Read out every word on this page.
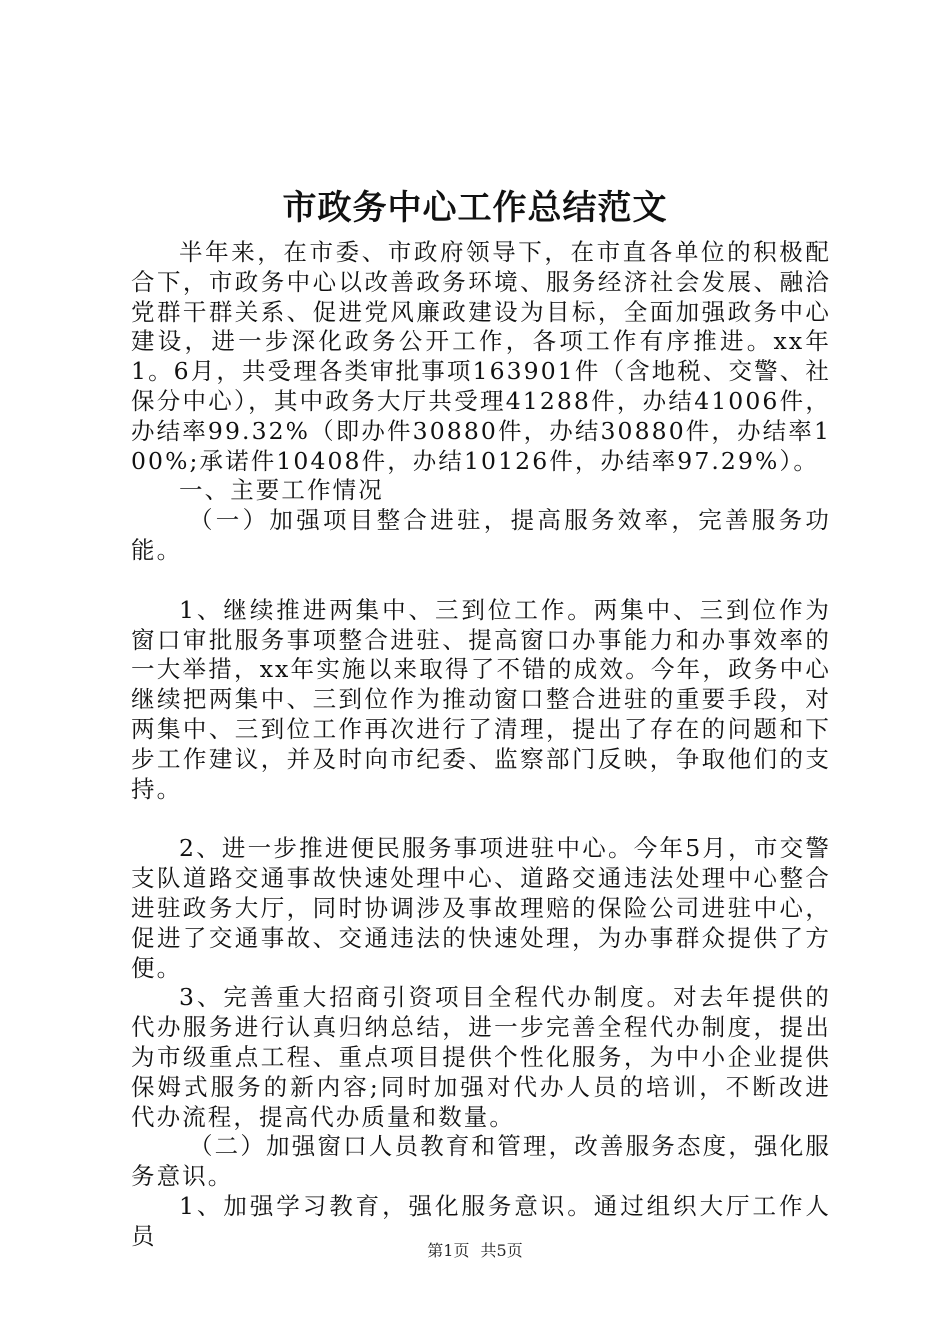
市政务中心工作总结范文

半年来，在市委、市政府领导下，在市直各单位的积极配合下，市政务中心以改善政务环境、服务经济社会发展、融洽党群干群关系、促进党风廉政建设为目标，全面加强政务中心建设，进一步深化政务公开工作，各项工作有序推进。xx年1。6月，共受理各类审批事项163901件（含地税、交警、社保分中心），其中政务大厅共受理41288件，办结41006件，办结率99.32%（即办件30880件，办结30880件，办结率100%;承诺件10408件，办结10126件，办结率97.29%）。

一、主要工作情况

（一）加强项目整合进驻，提高服务效率，完善服务功能。

1、继续推进两集中、三到位工作。两集中、三到位作为窗口审批服务事项整合进驻、提高窗口办事能力和办事效率的一大举措，xx年实施以来取得了不错的成效。今年，政务中心继续把两集中、三到位作为推动窗口整合进驻的重要手段，对两集中、三到位工作再次进行了清理，提出了存在的问题和下步工作建议，并及时向市纪委、监察部门反映，争取他们的支持。

2、进一步推进便民服务事项进驻中心。今年5月，市交警支队道路交通事故快速处理中心、道路交通违法处理中心整合进驻政务大厅，同时协调涉及事故理赔的保险公司进驻中心，促进了交通事故、交通违法的快速处理，为办事群众提供了方便。

3、完善重大招商引资项目全程代办制度。对去年提供的代办服务进行认真归纳总结，进一步完善全程代办制度，提出为市级重点工程、重点项目提供个性化服务，为中小企业提供保姆式服务的新内容;同时加强对代办人员的培训，不断改进代办流程，提高代办质量和数量。

（二）加强窗口人员教育和管理，改善服务态度，强化服务意识。

1、加强学习教育，强化服务意识。通过组织大厅工作人员

第1页 共5页
